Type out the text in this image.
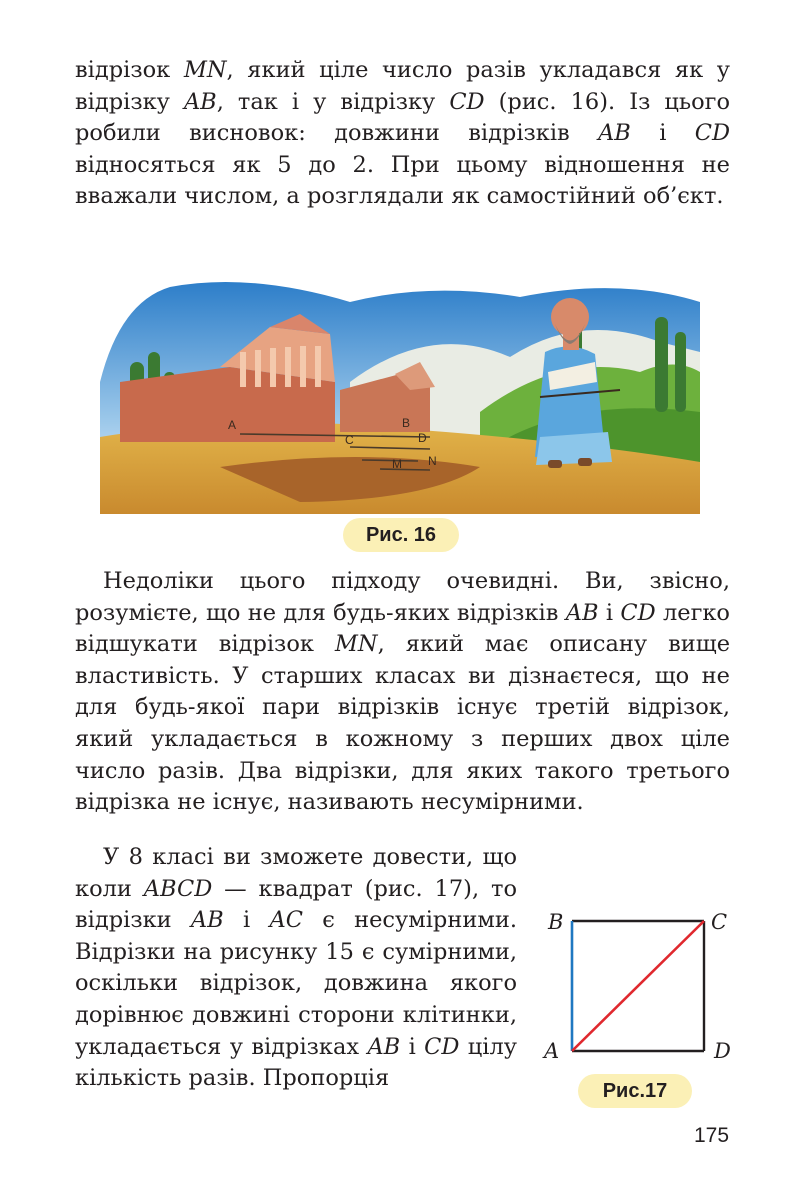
відрізок MN, який ціле число разів укладався як у відрізку AB, так і у відрізку CD (рис. 16). Із цього робили висновок: довжини відрізків AB і CD відносяться як 5 до 2. При цьому відношення не вважали числом, а розглядали як самостійний об’єкт.

A	B
C	D
M N
Рис. 16

Недоліки цього підходу очевидні. Ви, звісно, розумієте, що не для будь-яких відрізків AB і CD легко відшукати відрізок MN, який має описану вище властивість. У старших класах ви дізнаєтеся, що не для будь-якої пари відрізків існує третій відрізок, який укладається в кожному з перших двох ціле число разів. Два відрізки, для яких такого третього відрізка не існує, називають несумірними.

У 8 класі ви зможете довести, що коли ABCD — квадрат (рис. 17), то відрізки AB і AC є несумірними. Відрізки на рисунку 15 є сумірними, оскільки відрізок, довжина якого дорівнює довжині сторони клітинки, укладається у відрізках AB і CD цілу кількість разів. Пропорція

B	C
A	D
Рис.17
175
